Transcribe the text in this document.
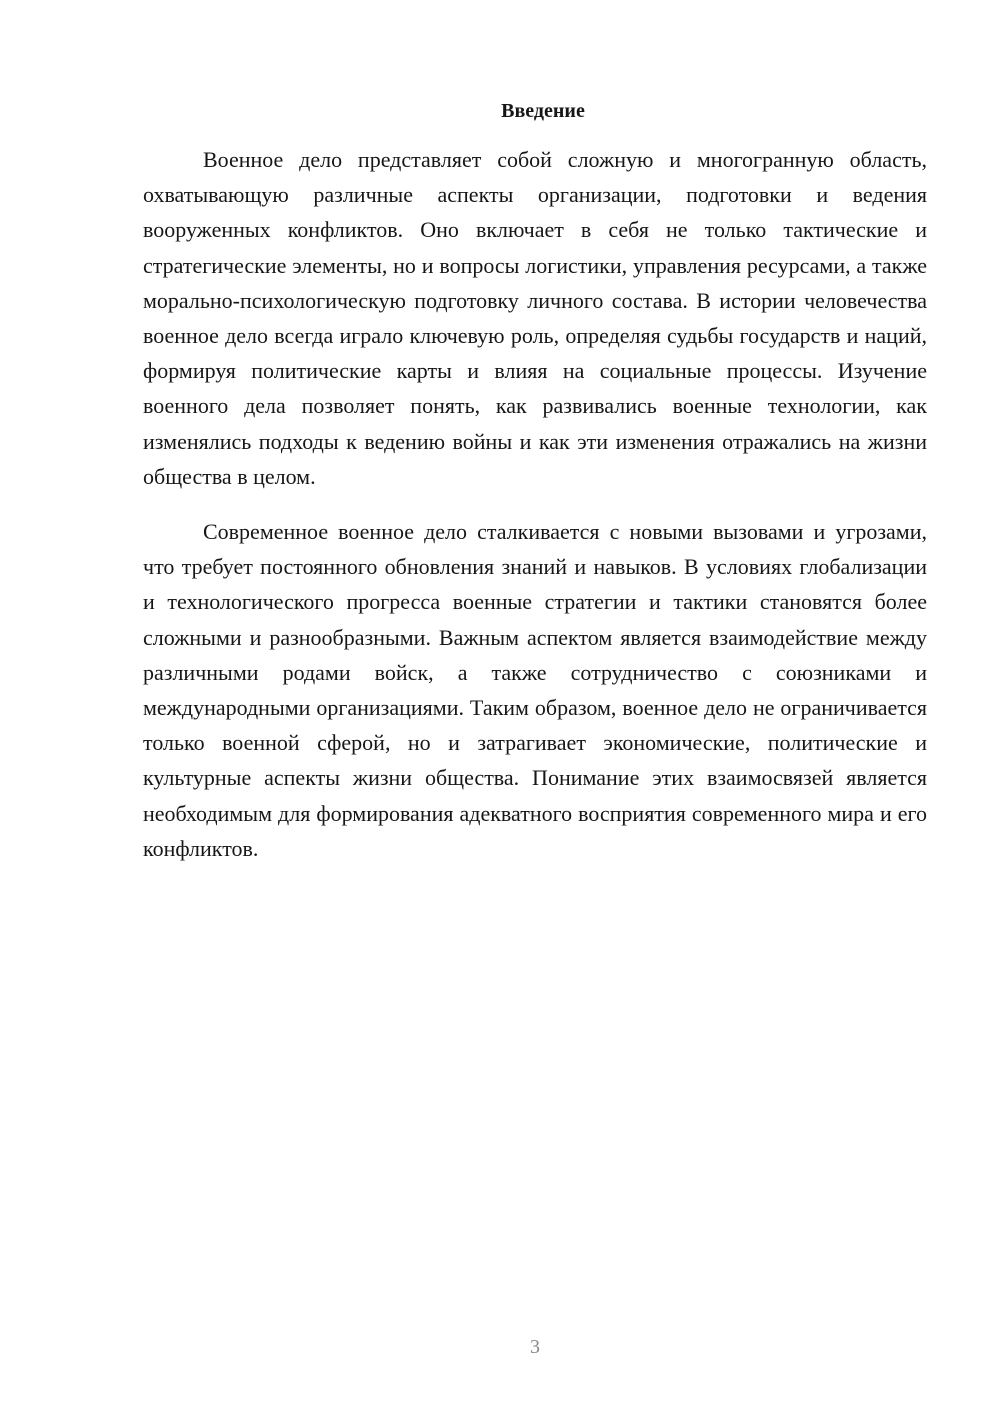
Введение

Военное дело представляет собой сложную и многогранную область, охватывающую различные аспекты организации, подготовки и ведения вооруженных конфликтов. Оно включает в себя не только тактические и стратегические элементы, но и вопросы логистики, управления ресурсами, а также морально-психологическую подготовку личного состава. В истории человечества военное дело всегда играло ключевую роль, определяя судьбы государств и наций, формируя политические карты и влияя на социальные процессы. Изучение военного дела позволяет понять, как развивались военные технологии, как изменялись подходы к ведению войны и как эти изменения отражались на жизни общества в целом.

Современное военное дело сталкивается с новыми вызовами и угрозами, что требует постоянного обновления знаний и навыков. В условиях глобализации и технологического прогресса военные стратегии и тактики становятся более сложными и разнообразными. Важным аспектом является взаимодействие между различными родами войск, а также сотрудничество с союзниками и международными организациями. Таким образом, военное дело не ограничивается только военной сферой, но и затрагивает экономические, политические и культурные аспекты жизни общества. Понимание этих взаимосвязей является необходимым для формирования адекватного восприятия современного мира и его конфликтов.

3
